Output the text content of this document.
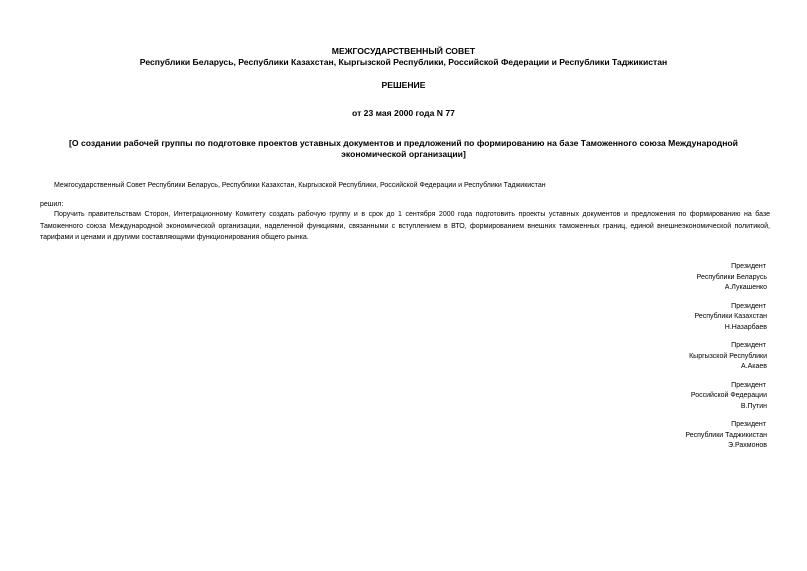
МЕЖГОСУДАРСТВЕННЫЙ СОВЕТ
Республики Беларусь, Республики Казахстан, Кыргызской Республики, Российской Федерации и Республики Таджикистан
РЕШЕНИЕ
от 23 мая 2000 года N 77
[О создании рабочей группы по подготовке проектов уставных документов и предложений по формированию на базе Таможенного союза Международной экономической организации]
Межгосударственный Совет Республики Беларусь, Республики Казахстан, Кыргызской Республики, Российской Федерации и Республики Таджикистан
решил:
Поручить правительствам Сторон, Интеграционному Комитету создать рабочую группу и в срок до 1 сентября 2000 года подготовить проекты уставных документов и предложения по формированию на базе Таможенного союза Международной экономической организации, наделенной функциями, связанными с вступлением в ВТО, формированием внешних таможенных границ, единой внешнеэкономической политикой, тарифами и ценами и другими составляющими функционирования общего рынка.
Президент
Республики Беларусь
А.Лукашенко
Президент
Республики Казахстан
Н.Назарбаев
Президент
Кыргызской Республики
А.Акаев
Президент
Российской Федерации
В.Путин
Президент
Республики Таджикистан
Э.Рахмонов
